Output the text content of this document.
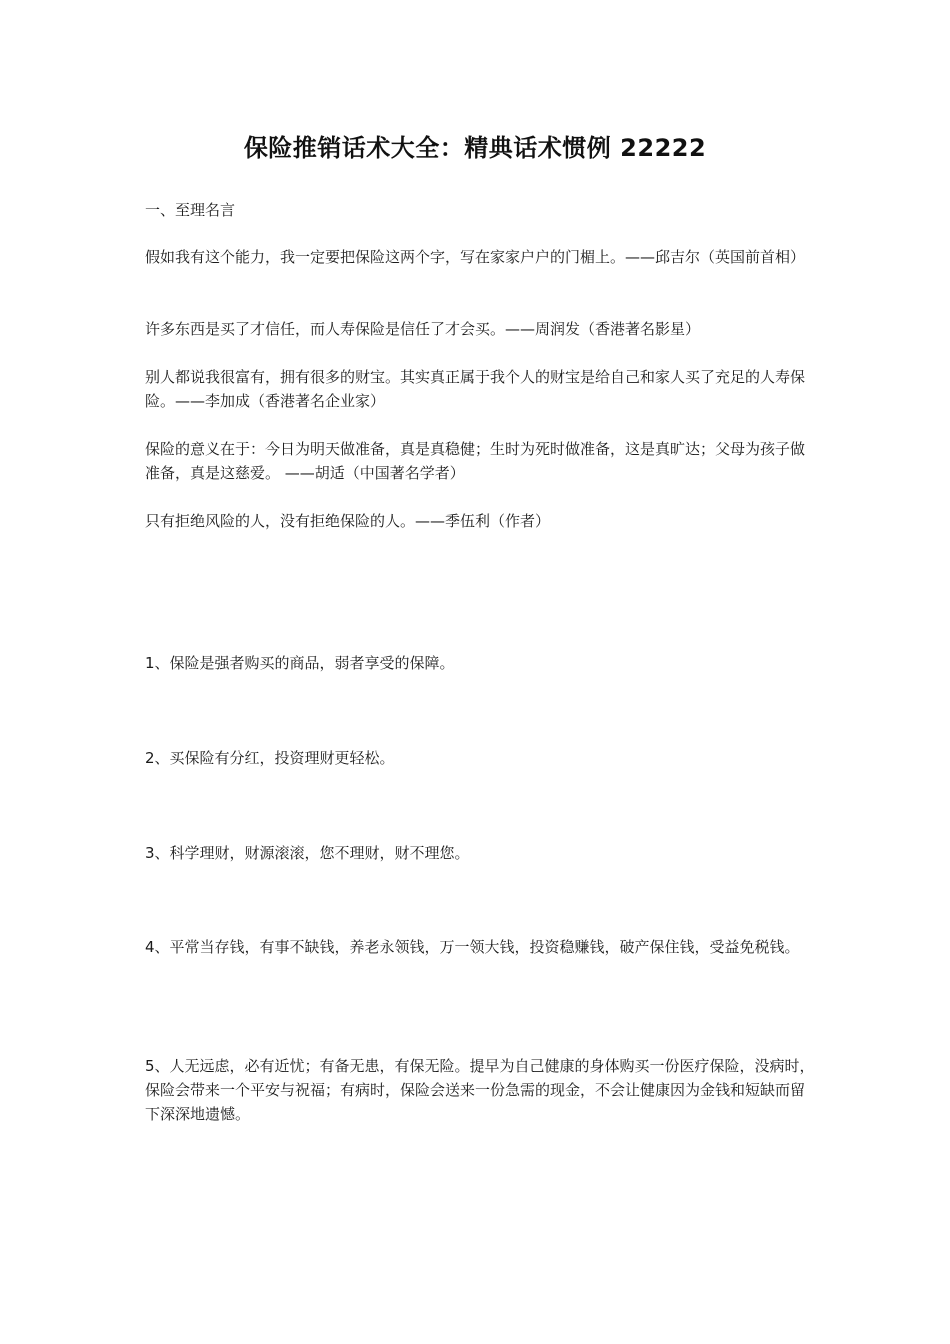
保险推销话术大全：精典话术惯例 22222

一、至理名言

假如我有这个能力，我一定要把保险这两个字，写在家家户户的门楣上。——邱吉尔（英国前首相）

许多东西是买了才信任，而人寿保险是信任了才会买。——周润发（香港著名影星）

别人都说我很富有，拥有很多的财宝。其实真正属于我个人的财宝是给自己和家人买了充足的人寿保险。——李加成（香港著名企业家）

保险的意义在于：今日为明天做准备，真是真稳健；生时为死时做准备，这是真旷达；父母为孩子做准备，真是这慈爱。 ——胡适（中国著名学者）

只有拒绝风险的人，没有拒绝保险的人。——季伍利（作者）

1、保险是强者购买的商品，弱者享受的保障。

2、买保险有分红，投资理财更轻松。

3、科学理财，财源滚滚，您不理财，财不理您。

4、平常当存钱，有事不缺钱，养老永领钱，万一领大钱，投资稳赚钱，破产保住钱，受益免税钱。

5、人无远虑，必有近忧；有备无患，有保无险。提早为自己健康的身体购买一份医疗保险，没病时，保险会带来一个平安与祝福；有病时，保险会送来一份急需的现金，不会让健康因为金钱和短缺而留下深深地遗憾。
